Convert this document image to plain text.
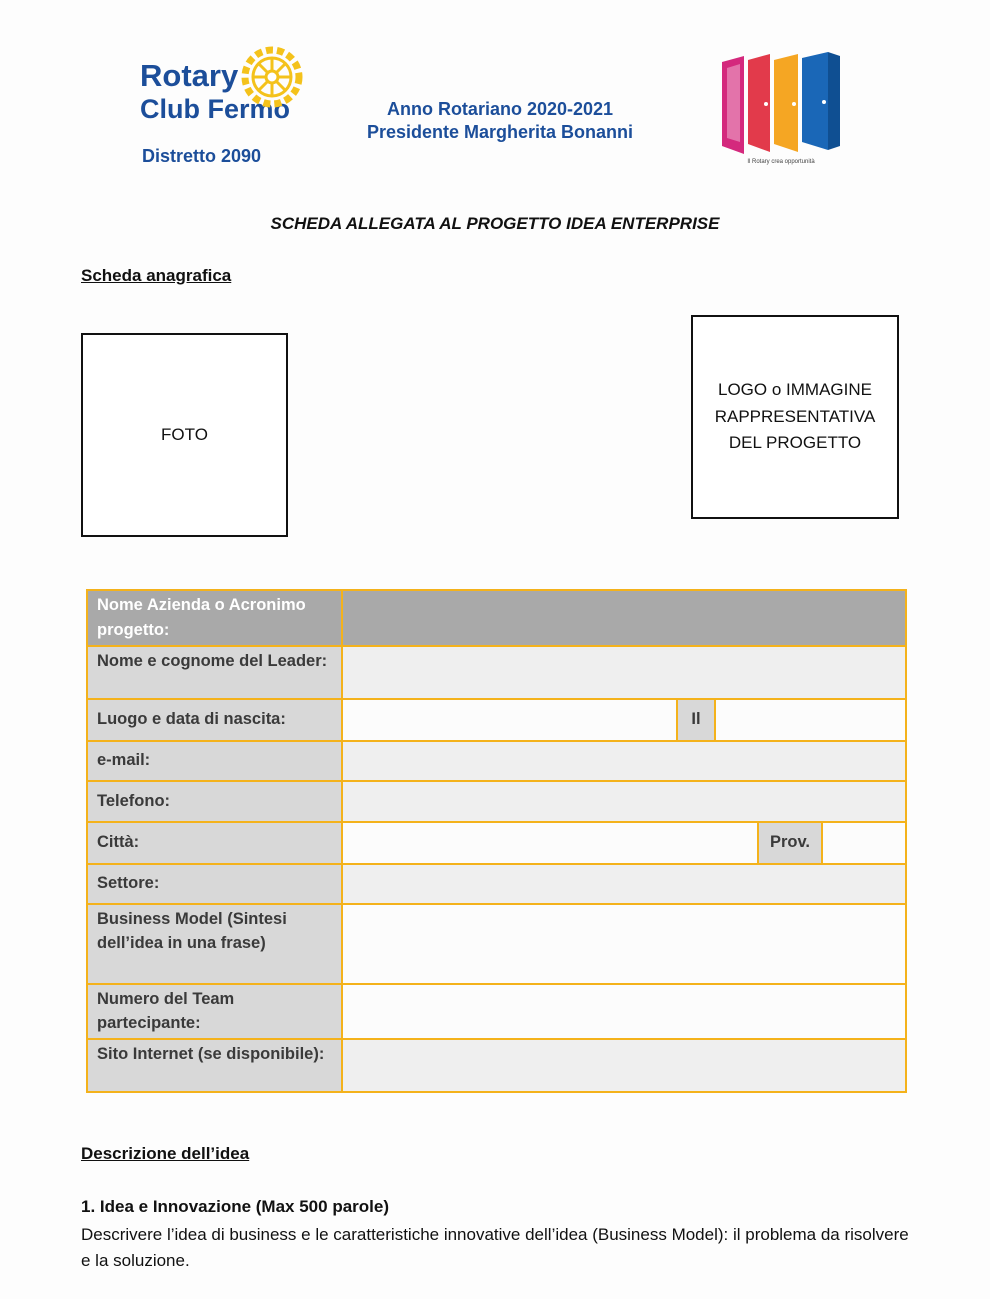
Rotary
Club Fermo
Distretto 2090
Anno Rotariano 2020-2021
Presidente Margherita Bonanni
Il Rotary crea opportunità
SCHEDA ALLEGATA AL PROGETTO IDEA ENTERPRISE
Scheda anagrafica
FOTO
LOGO o IMMAGINE
RAPPRESENTATIVA
DEL PROGETTO
Nome Azienda o Acronimo progetto:					
Nome e cognome del Leader:					
Luogo e data di nascita:		Il			
e-mail:					
Telefono:					
Città:				Prov.	
Settore:					
Business Model (Sintesi dell’idea in una frase)					
Numero del Team partecipante:					
Sito Internet (se disponibile):					
Descrizione dell’idea
1. Idea e Innovazione (Max 500 parole)
Descrivere l’idea di business e le caratteristiche innovative dell’idea (Business Model): il problema da risolvere e la soluzione.
